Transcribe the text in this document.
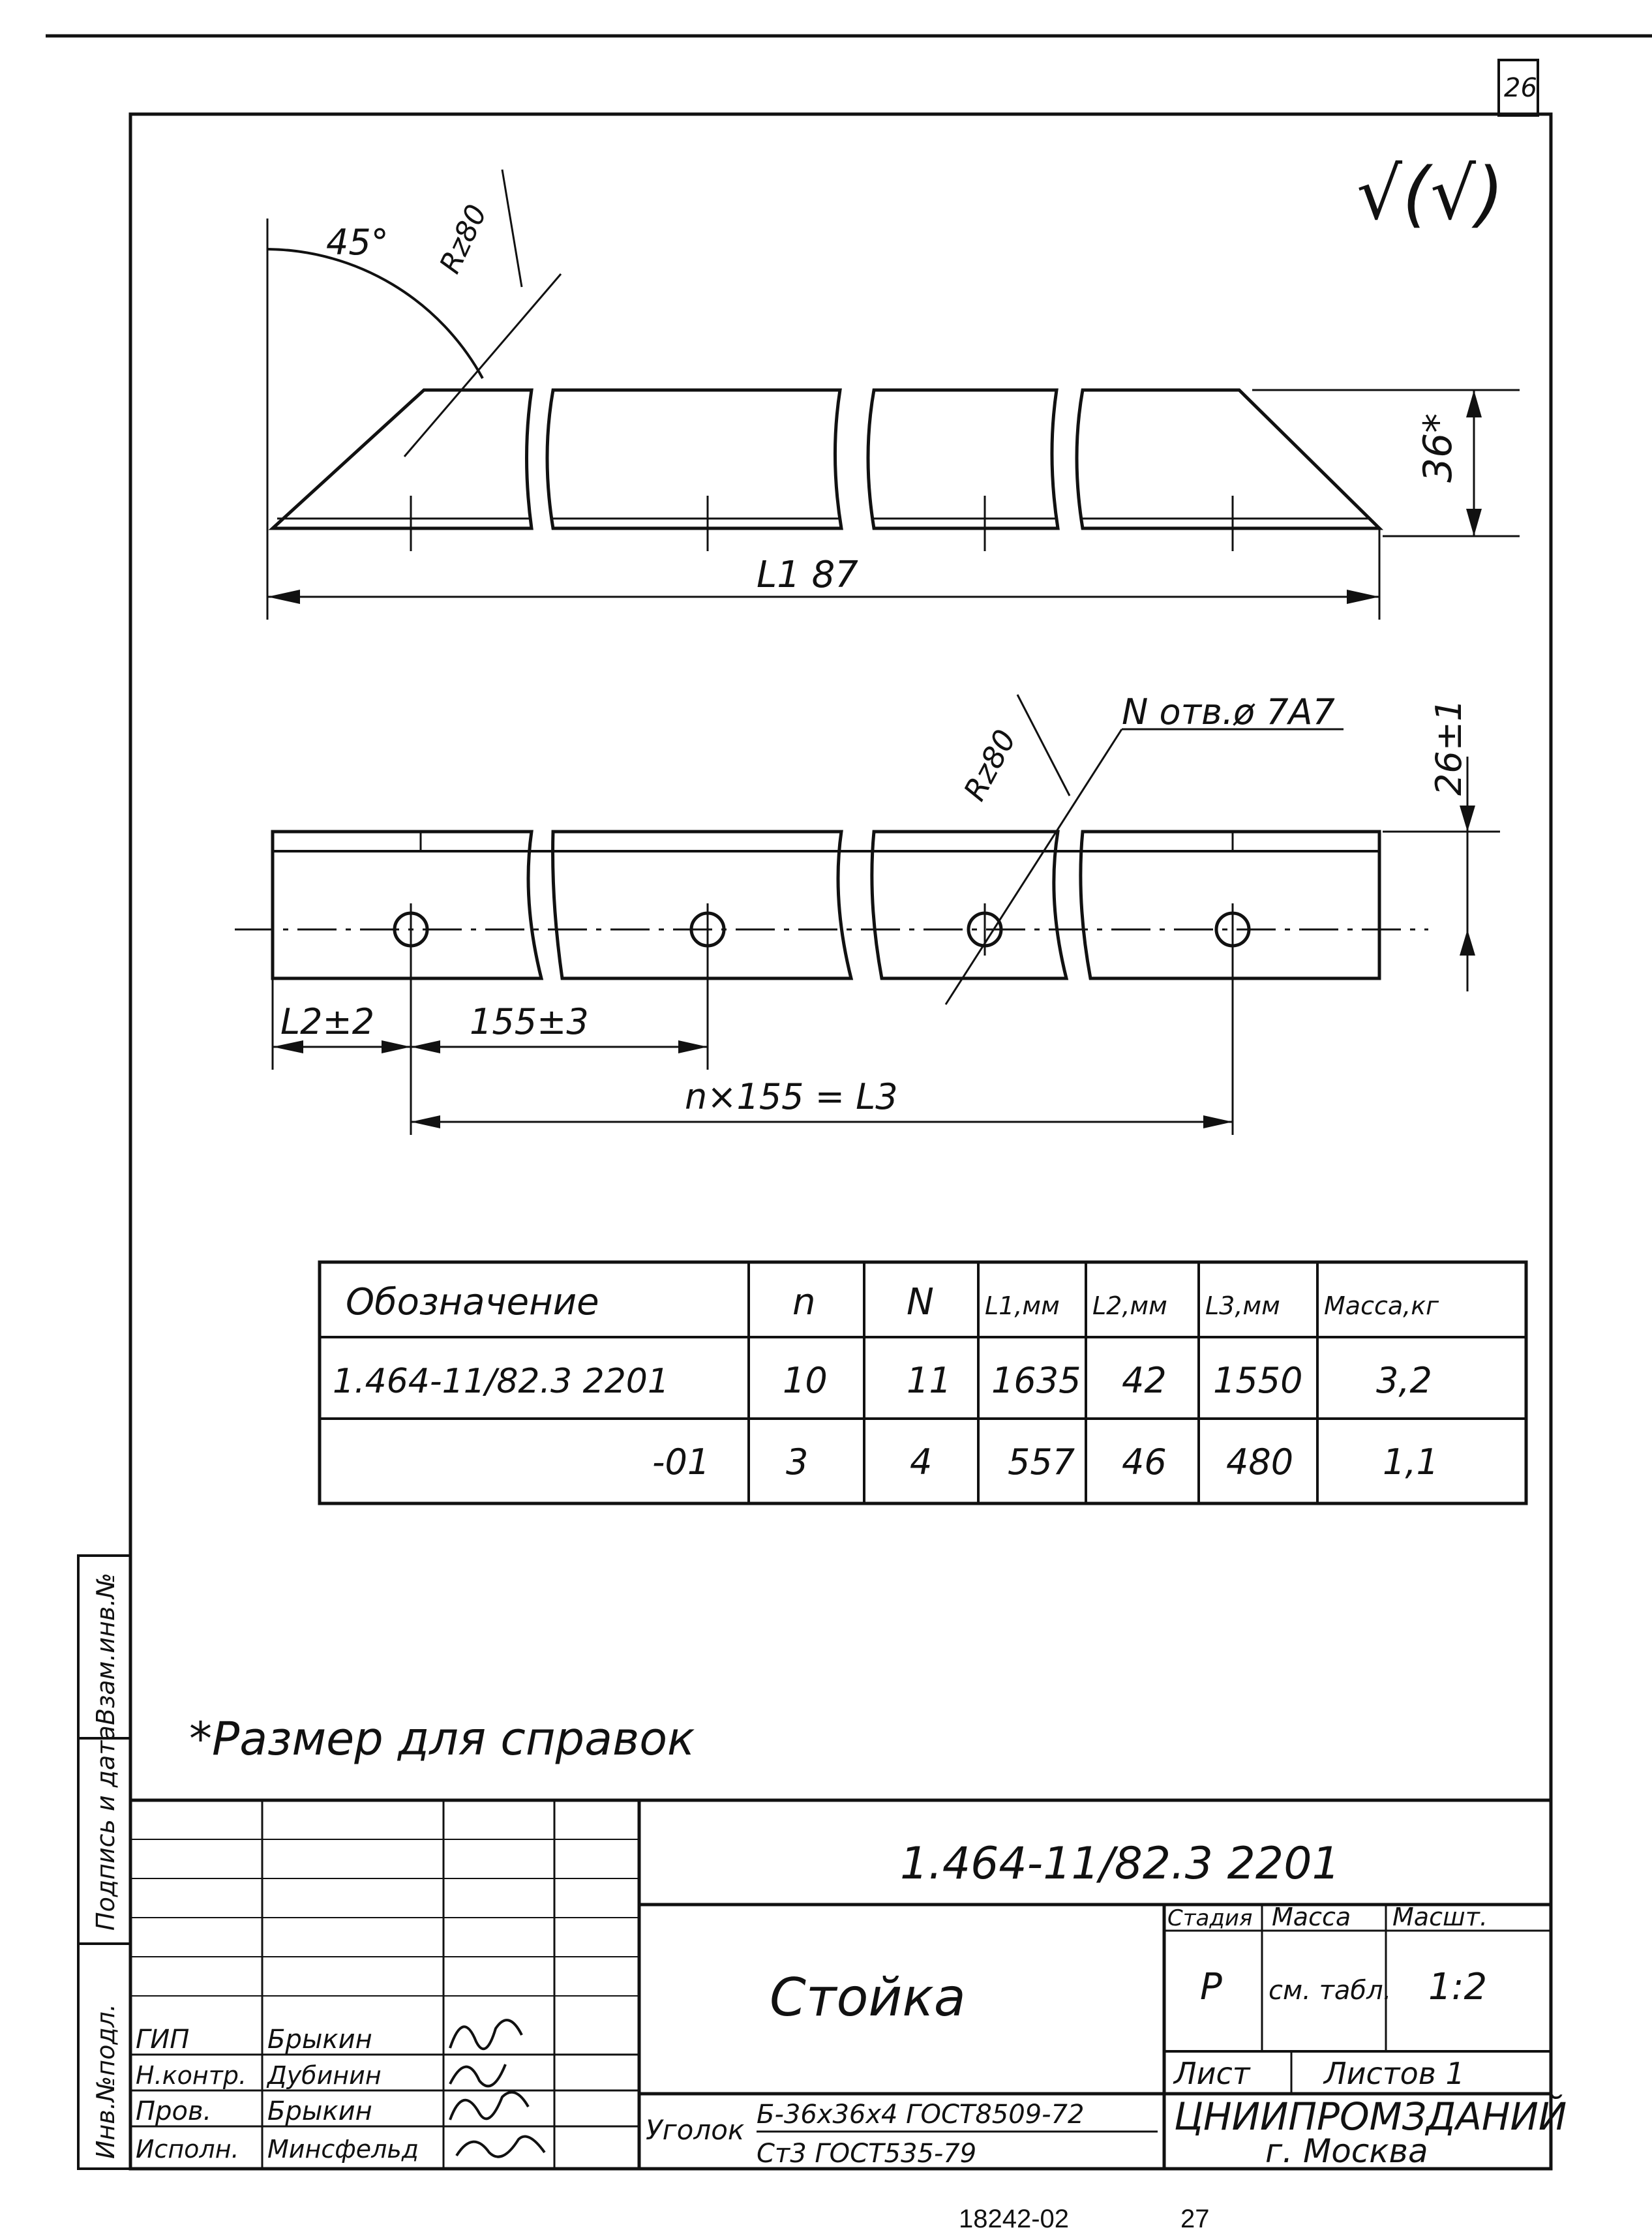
26
√(√)
45° Rz80
36*
L1 87
N отв.ø 7А7
Rz80	26±1
L2±2	155±3
n×155 = L3
Обозначение	n N L1,мм L2,мм L3,мм Масса,кг
1.464-11/82.3 2201	10 11 1635 42 1550 3,2
-01 3	4 557 46 480	1,1
*Размер для справок
Инв.№подл.
Подпись и дата
Взам.инв.№
1.464-11/82.3 2201
Стойка
Стадия Масса Масшт.
Р см. табл. 1:2
Лист Листов 1
Уголок Б-36х36х4 ГОСТ8509-72
Ст3 ГОСТ535-79
ЦНИИПРОМЗДАНИЙ
г. Москва
ГИП	Брыкин
Н.контр. Дубинин
Пров. Брыкин
Исполн. Минсфельд
18242-02	27
